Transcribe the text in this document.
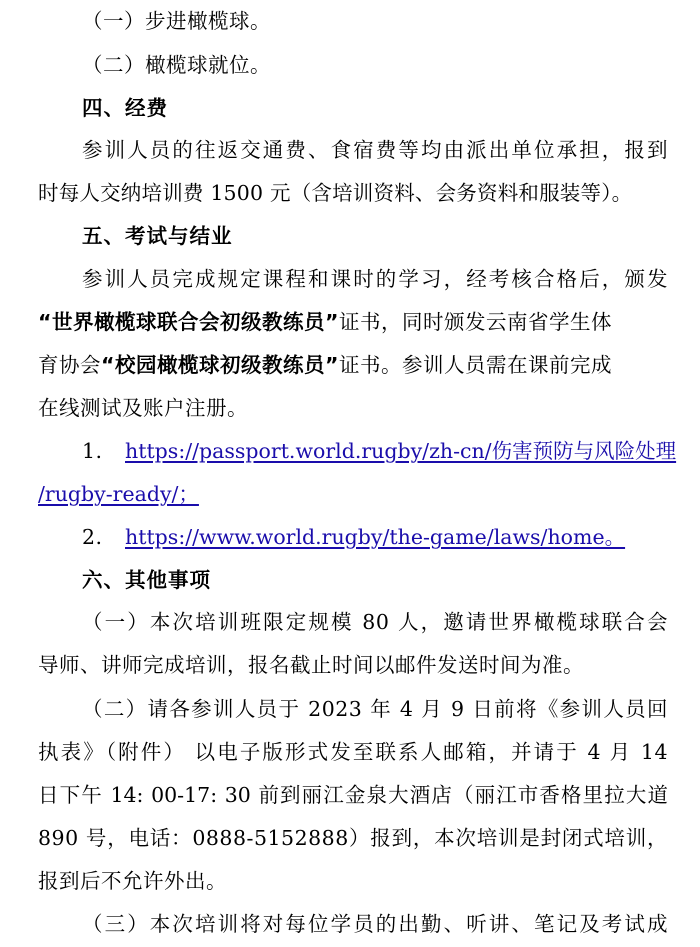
（一）步进橄榄球。
（二）橄榄球就位。
四、经费
参训人员的往返交通费、食宿费等均由派出单位承担，报到
时每人交纳培训费 1500 元（含培训资料、会务资料和服装等）。
五、考试与结业
参训人员完成规定课程和课时的学习，经考核合格后，颁发
“世界橄榄球联合会初级教练员”证书，同时颁发云南省学生体
育协会“校园橄榄球初级教练员”证书。参训人员需在课前完成
在线测试及账户注册。
1.	https://passport.world.rugby/zh-cn/伤害预防与风险处理
/rugby-ready/；
2.	https://www.world.rugby/the-game/laws/home。
六、其他事项
（一）本次培训班限定规模 80 人，邀请世界橄榄球联合会
导师、讲师完成培训，报名截止时间以邮件发送时间为准。
（二）请各参训人员于 2023 年 4 月 9 日前将《参训人员回
执表》（附件） 以电子版形式发至联系人邮箱，并请于 4 月 14
日下午 14: 00-17: 30 前到丽江金泉大酒店（丽江市香格里拉大道
890 号，电话：0888-5152888）报到，本次培训是封闭式培训，
报到后不允许外出。
（三）本次培训将对每位学员的出勤、听讲、笔记及考试成
